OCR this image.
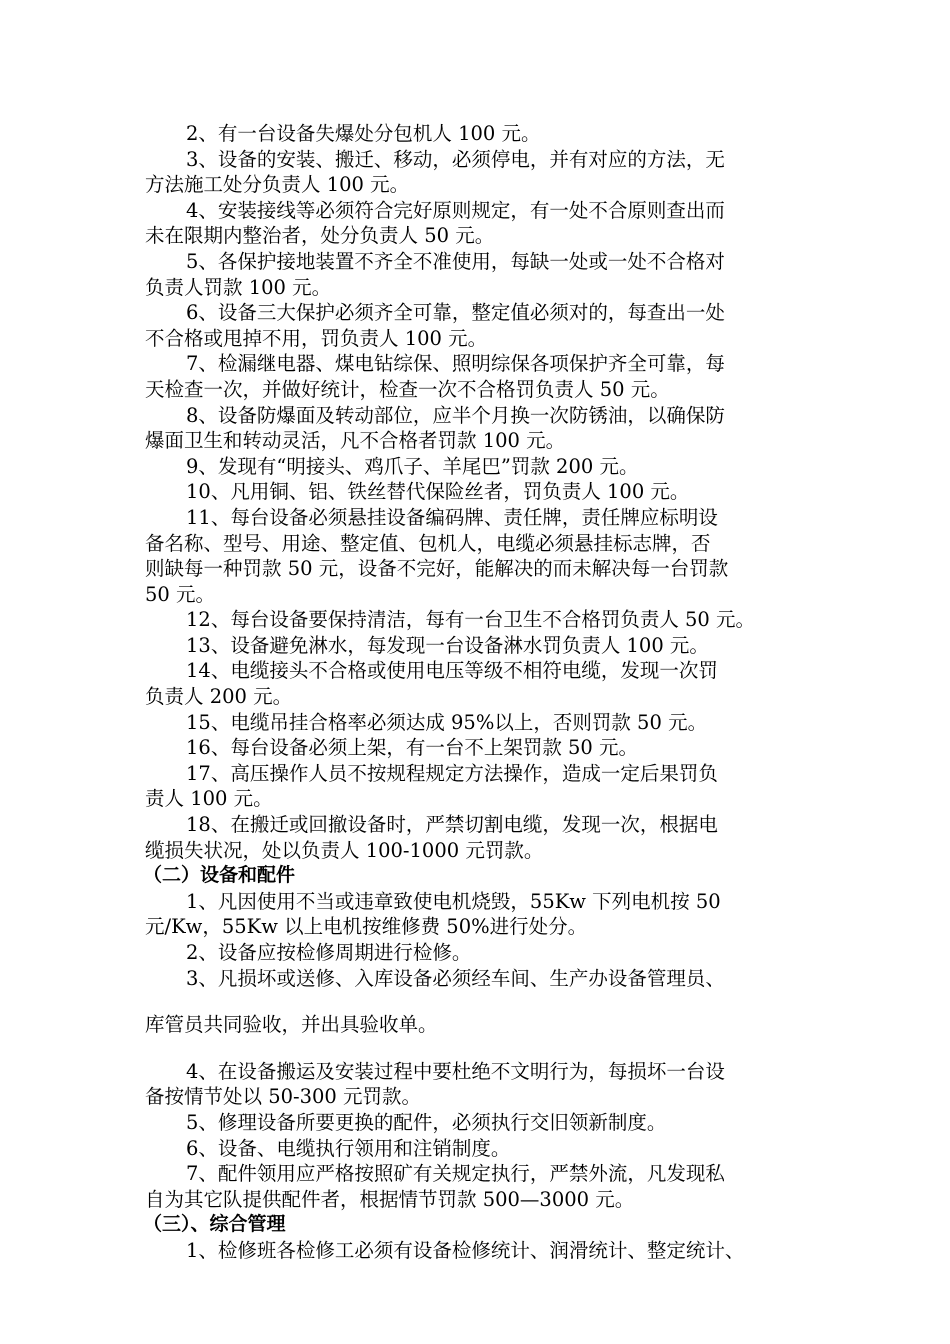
2、有一台设备失爆处分包机人 100 元。

3、设备的安装、搬迁、移动，必须停电，并有对应的方法，无
方法施工处分负责人 100 元。

4、安装接线等必须符合完好原则规定，有一处不合原则查出而
未在限期内整治者，处分负责人 50 元。

5、各保护接地装置不齐全不准使用，每缺一处或一处不合格对
负责人罚款 100 元。

6、设备三大保护必须齐全可靠，整定值必须对的，每查出一处
不合格或甩掉不用，罚负责人 100 元。

7、检漏继电器、煤电钻综保、照明综保各项保护齐全可靠，每
天检查一次，并做好统计，检查一次不合格罚负责人 50 元。

8、设备防爆面及转动部位，应半个月换一次防锈油，以确保防
爆面卫生和转动灵活，凡不合格者罚款 100 元。

9、发现有“明接头、鸡爪子、羊尾巴”罚款 200 元。

10、凡用铜、铝、铁丝替代保险丝者，罚负责人 100 元。

11、每台设备必须悬挂设备编码牌、责任牌，责任牌应标明设
备名称、型号、用途、整定值、包机人，电缆必须悬挂标志牌，否
则缺每一种罚款 50 元，设备不完好，能解决的而未解决每一台罚款
50 元。

12、每台设备要保持清洁，每有一台卫生不合格罚负责人 50 元。

13、设备避免淋水，每发现一台设备淋水罚负责人 100 元。

14、电缆接头不合格或使用电压等级不相符电缆，发现一次罚
负责人 200 元。

15、电缆吊挂合格率必须达成 95%以上，否则罚款 50 元。

16、每台设备必须上架，有一台不上架罚款 50 元。

17、高压操作人员不按规程规定方法操作，造成一定后果罚负
责人 100 元。

18、在搬迁或回撤设备时，严禁切割电缆，发现一次，根据电
缆损失状况，处以负责人 100-1000 元罚款。

（二）设备和配件

1、凡因使用不当或违章致使电机烧毁，55Kw 下列电机按 50
元/Kw，55Kw 以上电机按维修费 50%进行处分。

2、设备应按检修周期进行检修。

3、凡损坏或送修、入库设备必须经车间、生产办设备管理员、

库管员共同验收，并出具验收单。

4、在设备搬运及安装过程中要杜绝不文明行为，每损坏一台设
备按情节处以 50-300 元罚款。

5、修理设备所要更换的配件，必须执行交旧领新制度。

6、设备、电缆执行领用和注销制度。

7、配件领用应严格按照矿有关规定执行，严禁外流，凡发现私
自为其它队提供配件者，根据情节罚款 500—3000 元。

（三）、综合管理

1、检修班各检修工必须有设备检修统计、润滑统计、整定统计、
